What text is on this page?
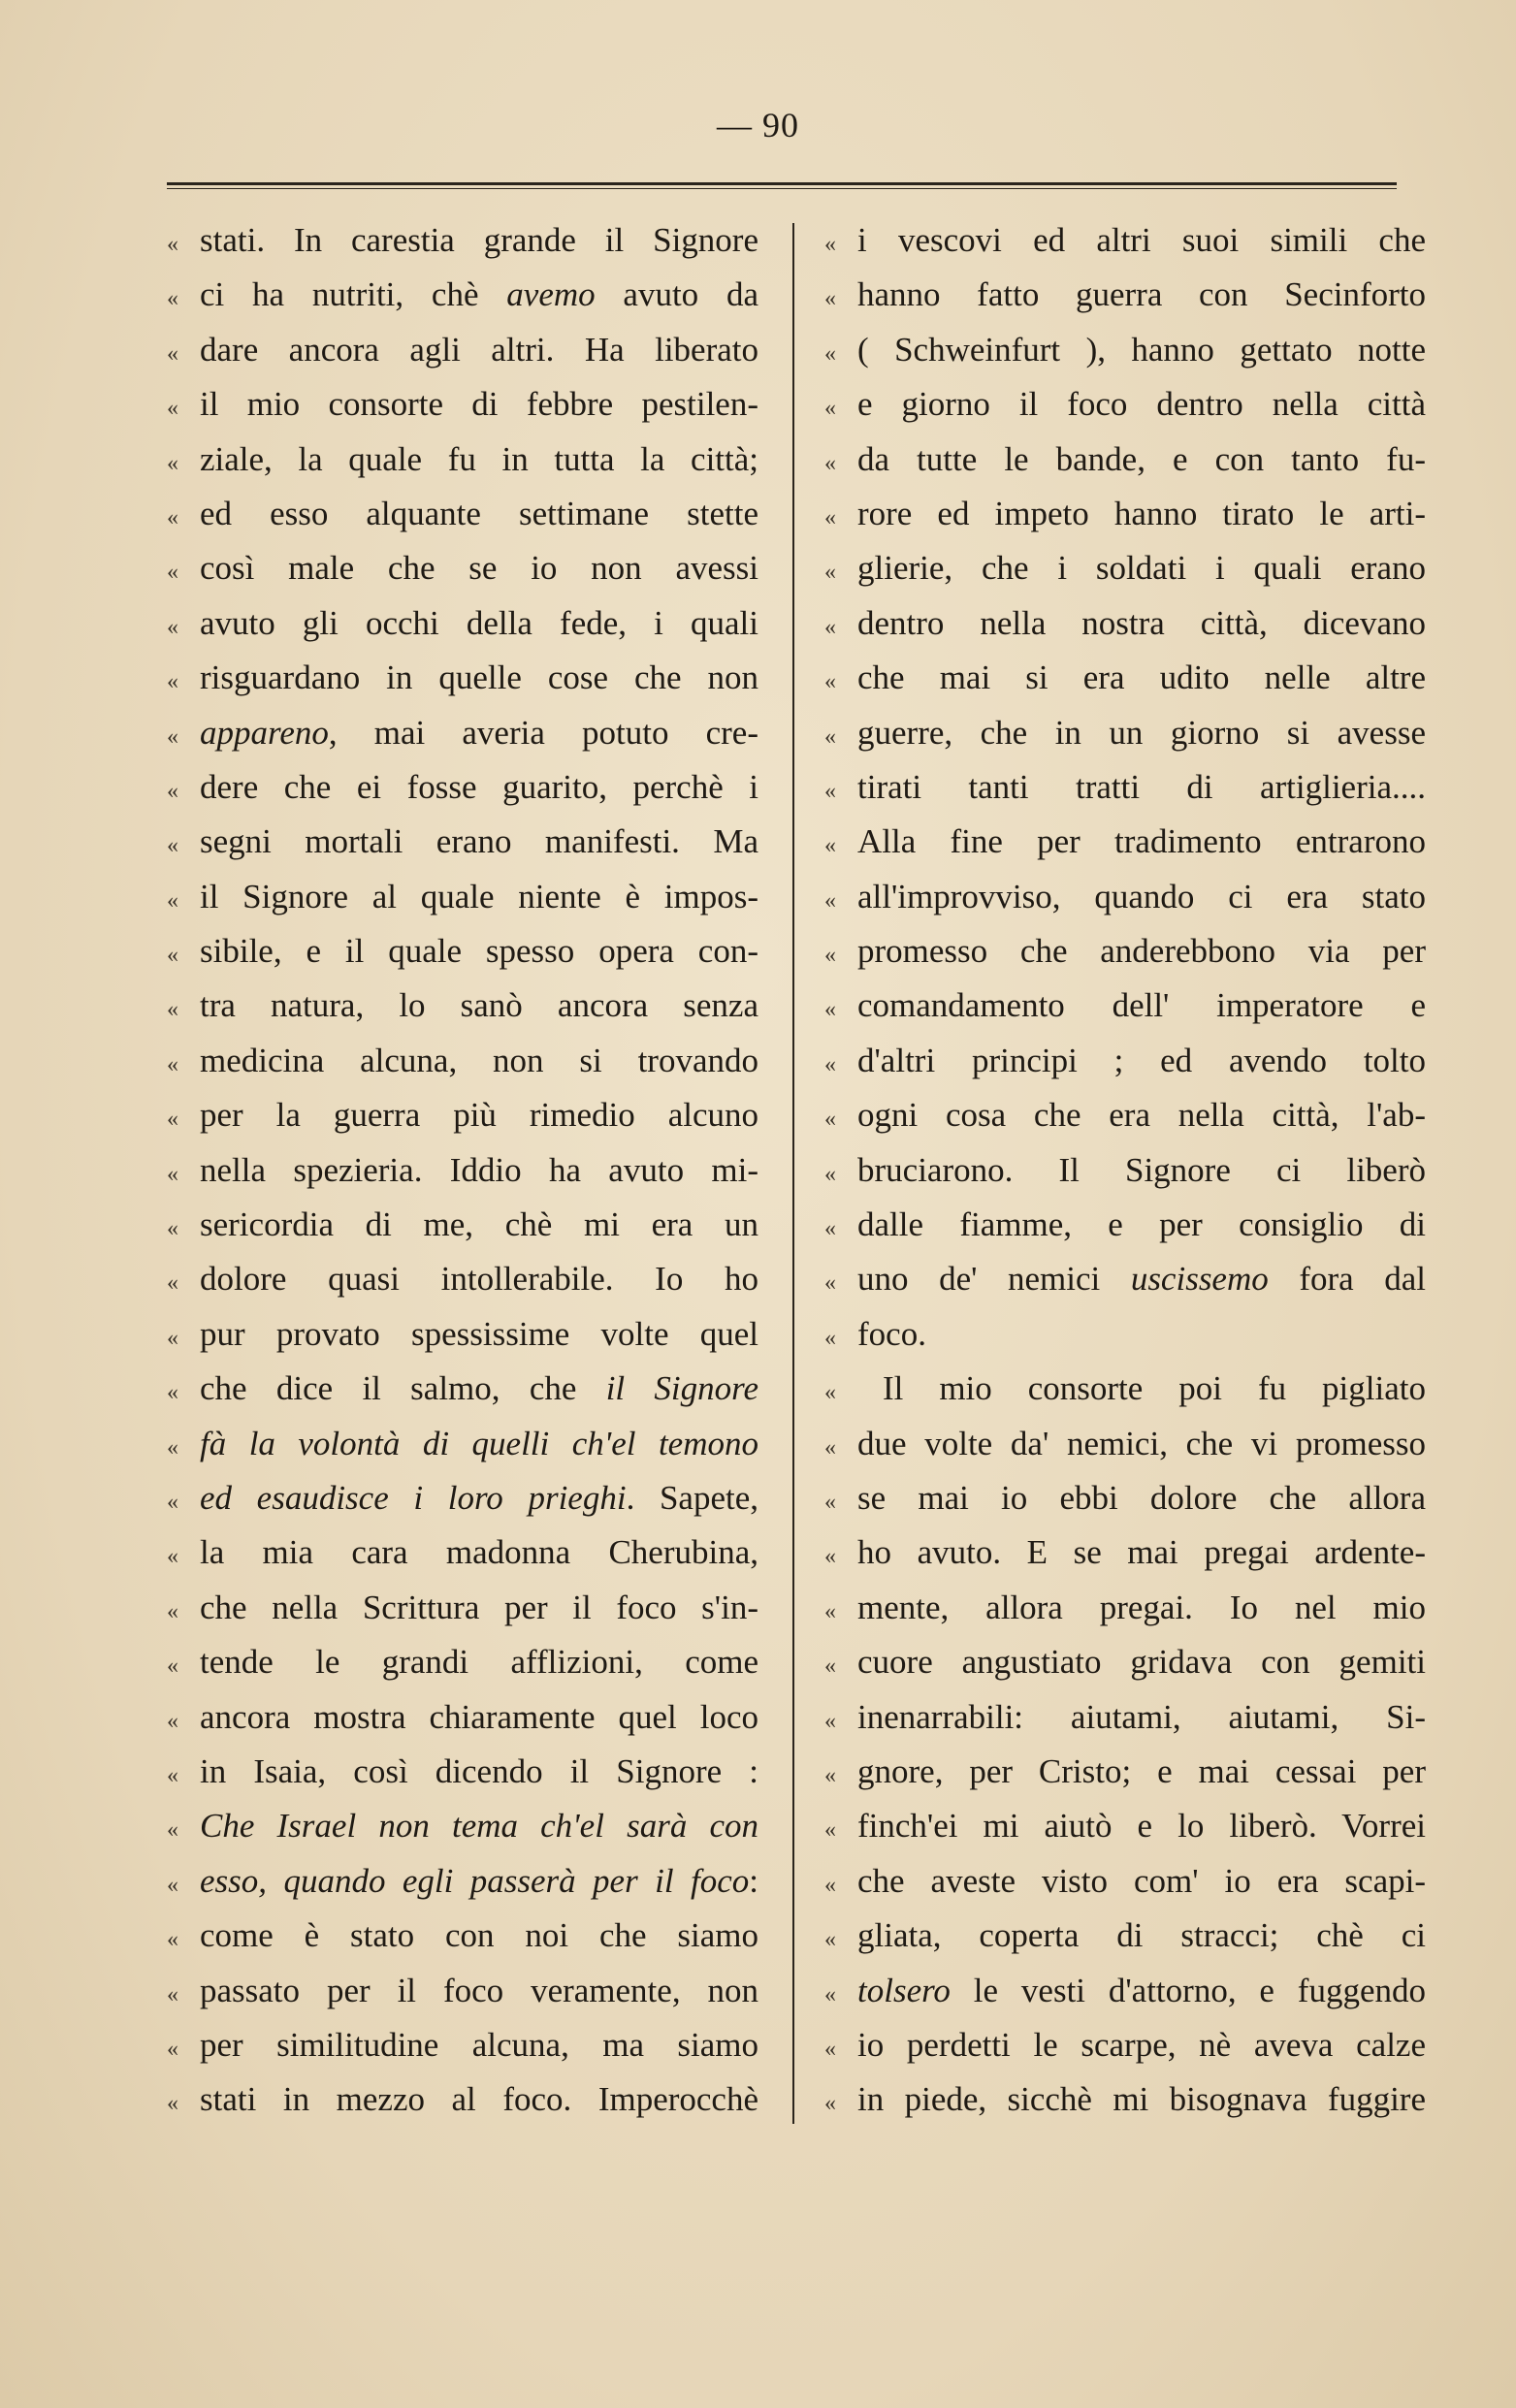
— 90
« stati. In carestia grande il Signore
« ci ha nutriti, chè avemo avuto da
« dare ancora agli altri. Ha liberato
« il mio consorte di febbre pestilen-
« ziale, la quale fu in tutta la città;
« ed esso alquante settimane stette
« così male che se io non avessi
« avuto gli occhi della fede, i quali
« risguardano in quelle cose che non
« appareno, mai averia potuto cre-
« dere che ei fosse guarito, perchè i
« segni mortali erano manifesti. Ma
« il Signore al quale niente è impos-
« sibile, e il quale spesso opera con-
« tra natura, lo sanò ancora senza
« medicina alcuna, non si trovando
« per la guerra più rimedio alcuno
« nella spezieria. Iddio ha avuto mi-
« sericordia di me, chè mi era un
« dolore quasi intollerabile. Io ho
« pur provato spessissime volte quel
« che dice il salmo, che il Signore
« fà la volontà di quelli ch'el temono
« ed esaudisce i loro prieghi. Sapete,
« la mia cara madonna Cherubina,
« che nella Scrittura per il foco s'in-
« tende le grandi afflizioni, come
« ancora mostra chiaramente quel loco
« in Isaia, così dicendo il Signore :
« Che Israel non tema ch'el sarà con
« esso, quando egli passerà per il foco:
« come è stato con noi che siamo
« passato per il foco veramente, non
« per similitudine alcuna, ma siamo
« stati in mezzo al foco. Imperocchè
« i vescovi ed altri suoi simili che
« hanno fatto guerra con Secinforto
« ( Schweinfurt ), hanno gettato notte
« e giorno il foco dentro nella città
« da tutte le bande, e con tanto fu-
« rore ed impeto hanno tirato le arti-
« glierie, che i soldati i quali erano
« dentro nella nostra città, dicevano
« che mai si era udito nelle altre
« guerre, che in un giorno si avesse
« tirati tanti tratti di artiglieria....
« Alla fine per tradimento entrarono
« all'improvviso, quando ci era stato
« promesso che anderebbono via per
« comandamento dell' imperatore e
« d'altri principi ; ed avendo tolto
« ogni cosa che era nella città, l'ab-
« bruciarono. Il Signore ci liberò
« dalle fiamme, e per consiglio di
« uno de' nemici uscissemo fora dal
« foco.
«	Il mio consorte poi fu pigliato
« due volte da' nemici, che vi promesso
« se mai io ebbi dolore che allora
« ho avuto. E se mai pregai ardente-
« mente, allora pregai. Io nel mio
« cuore angustiato gridava con gemiti
« inenarrabili: aiutami, aiutami, Si-
« gnore, per Cristo; e mai cessai per
« finch'ei mi aiutò e lo liberò. Vorrei
« che aveste visto com' io era scapi-
« gliata, coperta di stracci; chè ci
« tolsero le vesti d'attorno, e fuggendo
« io perdetti le scarpe, nè aveva calze
« in piede, sicchè mi bisognava fuggire
